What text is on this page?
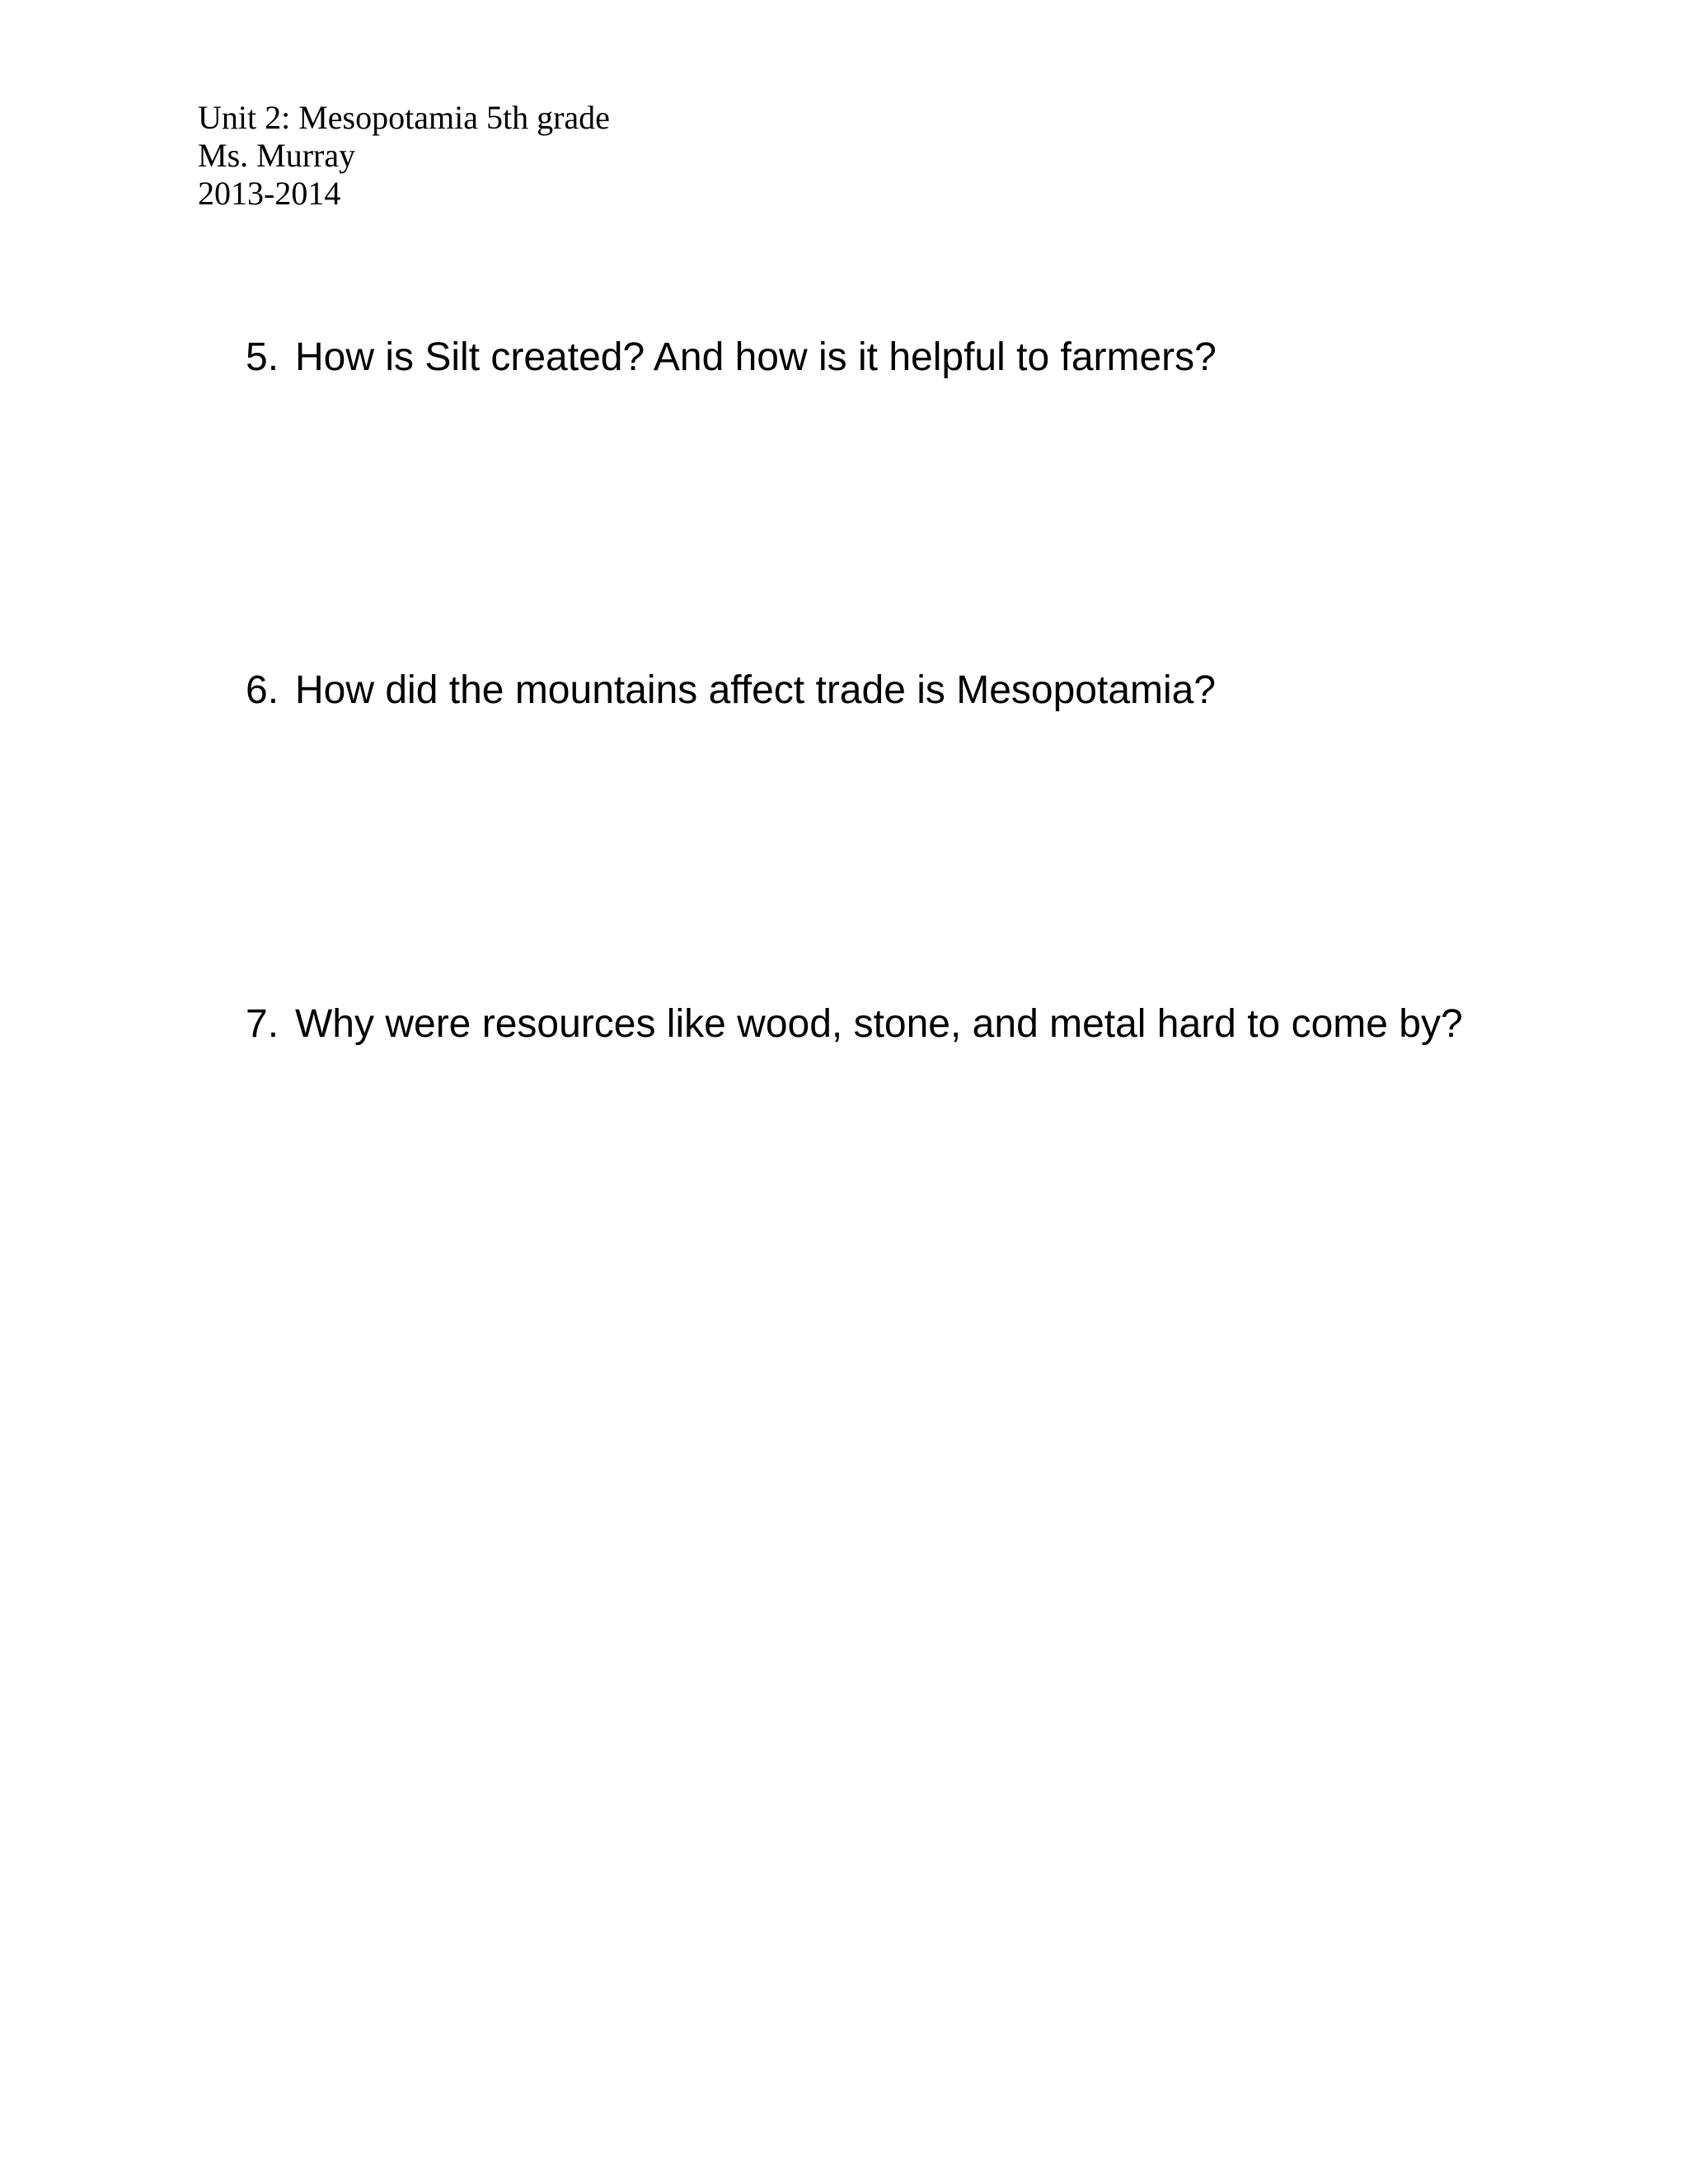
Unit 2: Mesopotamia 5th grade
Ms. Murray
2013-2014
5. How is Silt created? And how is it helpful to farmers?
6. How did the mountains affect trade is Mesopotamia?
7. Why were resources like wood, stone, and metal hard to come by?
